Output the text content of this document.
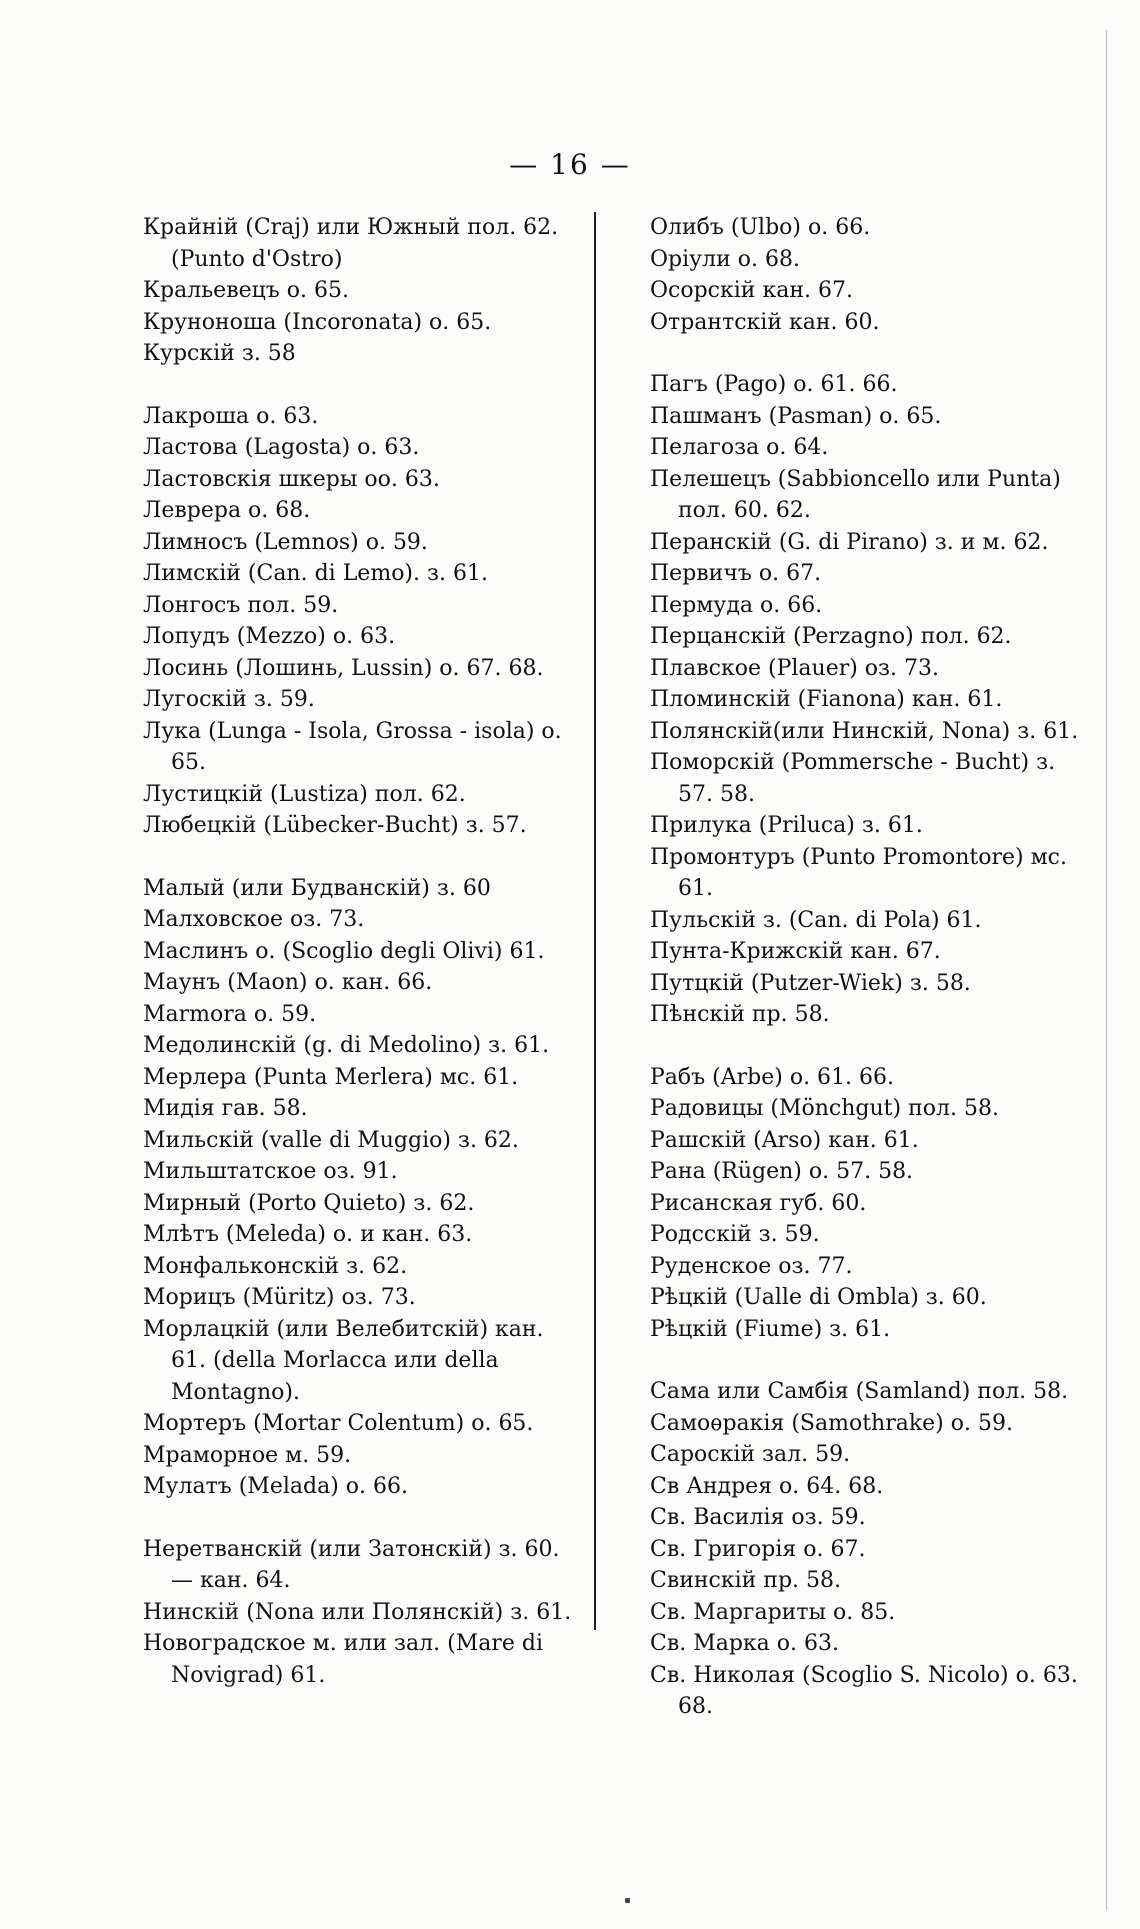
— 16 —
Крайній (Craj) или Южный пол. 62. (Punto d'Ostro)
Кральевецъ о. 65.
Круноноша (Incoronata) о. 65.
Курскій з. 58
Лакроша о. 63.
Ластова (Lagosta) о. 63.
Ластовскія шкеры оо. 63.
Леврера о. 68.
Лимносъ (Lemnos) о. 59.
Лимскій (Can. di Lemo). з. 61.
Лонгосъ пол. 59.
Лопудъ (Mezzo) о. 63.
Лосинь (Лошинь, Lussin) о. 67. 68.
Лугоскій з. 59.
Лука (Lunga - Isola, Grossa - isola) о. 65.
Лустицкій (Lustiza) пол. 62.
Любецкій (Lübecker-Bucht) з. 57.
Малый (или Будванскій) з. 60
Малховское оз. 73.
Маслинъ о. (Scoglio degli Olivi) 61.
Маунъ (Maon) о. кан. 66.
Marmora о. 59.
Медолинскій (g. di Medolino) з. 61.
Мерлера (Punta Merlera) мс. 61.
Мидія гав. 58.
Мильскій (valle di Muggio) з. 62.
Мильштатское оз. 91.
Мирный (Porto Quieto) з. 62.
Млѣтъ (Meleda) о. и кан. 63.
Монфальконскій з. 62.
Морицъ (Müritz) оз. 73.
Морлацкій (или Велебитскій) кан. 61. (della Morlacca или della Montagno).
Мортеръ (Mortar Colentum) о. 65.
Мраморное м. 59.
Мулатъ (Melada) о. 66.
Неретванскій (или Затонскій) з. 60. — кан. 64.
Нинскій (Nona или Полянскій) з. 61.
Новоградское м. или зал. (Mare di Novigrad) 61.
Олибъ (Ulbo) о. 66.
Оріули о. 68.
Осорскій кан. 67.
Отрантскій кан. 60.
Пагъ (Pago) о. 61. 66.
Пашманъ (Pasman) о. 65.
Пелагоза о. 64.
Пелешецъ (Sabbioncello или Punta) пол. 60. 62.
Перанскій (G. di Pirano) з. и м. 62.
Первичъ о. 67.
Пермуда о. 66.
Перцанскій (Perzagno) пол. 62.
Плавское (Plauer) оз. 73.
Пломинскій (Fianona) кан. 61.
Полянскій(или Нинскій, Nona) з. 61.
Поморскій (Pommersche - Bucht) з. 57. 58.
Прилука (Priluca) з. 61.
Промонтуръ (Punto Promontore) мс. 61.
Пульскій з. (Can. di Pola) 61.
Пунта-Крижскій кан. 67.
Путцкій (Putzer-Wiek) з. 58.
Пѣнскій пр. 58.
Рабъ (Arbe) о. 61. 66.
Радовицы (Mönchgut) пол. 58.
Рашскій (Arso) кан. 61.
Рана (Rügen) о. 57. 58.
Рисанская губ. 60.
Родсскій з. 59.
Руденское оз. 77.
Рѣцкій (Ualle di Ombla) з. 60.
Рѣцкій (Fiume) з. 61.
Сама или Самбія (Samland) пол. 58.
Самоѳракія (Samothrake) о. 59.
Сароскій зал. 59.
Св Андрея о. 64. 68.
Св. Василія оз. 59.
Св. Григорія о. 67.
Свинскій пр. 58.
Св. Маргариты о. 85.
Св. Марка о. 63.
Св. Николая (Scoglio S. Nicolo) о. 63. 68.
